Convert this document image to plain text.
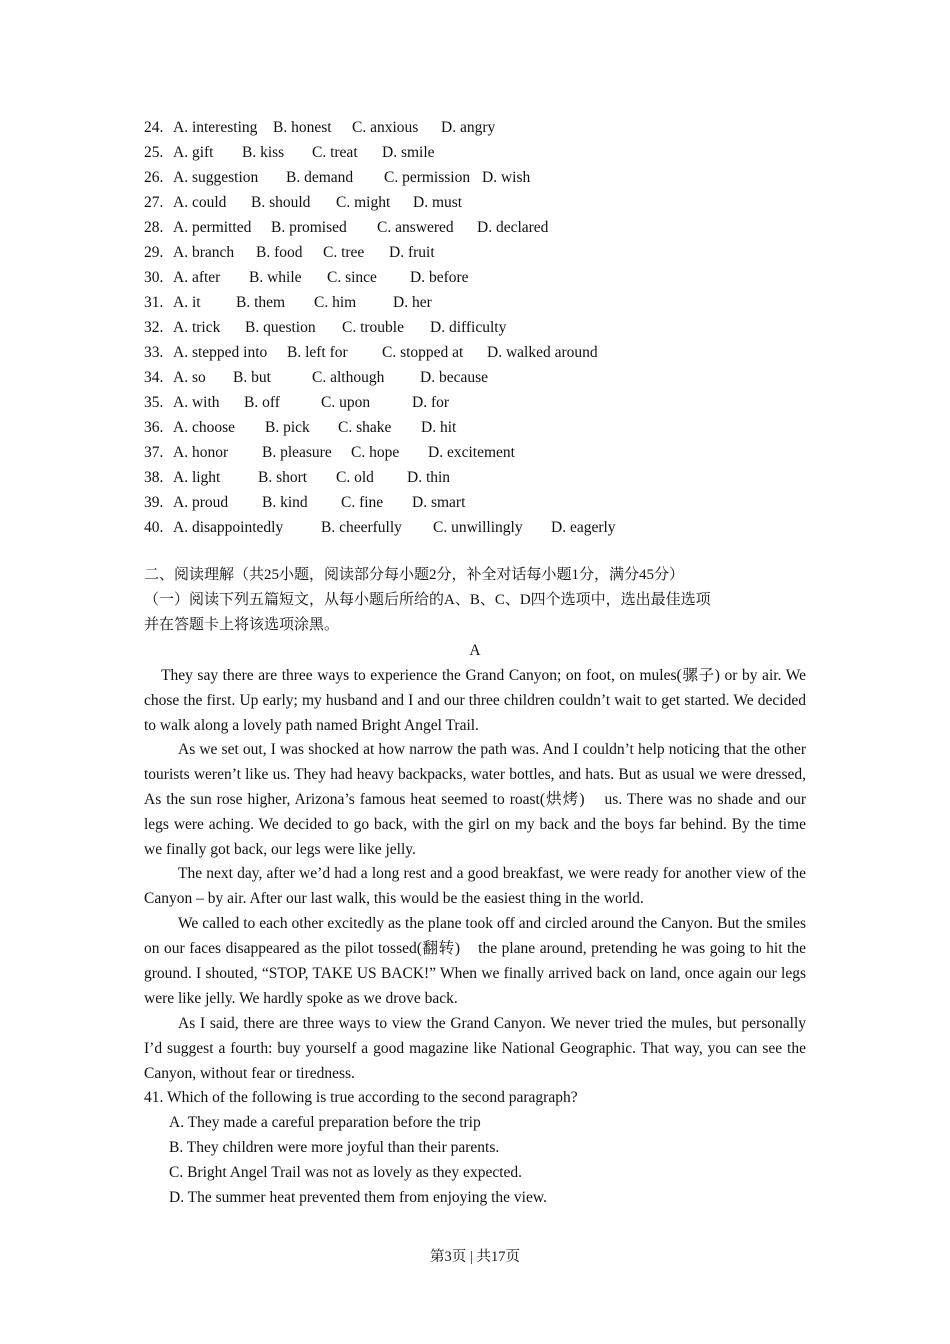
24. A. interesting B. honest C. anxious D. angry
25. A. gift B. kiss C. treat D. smile
26. A. suggestion B. demand C. permission D. wish
27. A. could B. should C. might D. must
28. A. permitted B. promised C. answered D. declared
29. A. branch B. food C. tree D. fruit
30. A. after B. while C. since D. before
31. A. it B. them C. him D. her
32. A. trick B. question C. trouble D. difficulty
33. A. stepped into B. left for C. stopped at D. walked around
34. A. so B. but	C. although D. because
35. A. with B. off	C. upon	D. for
36. A. choose B. pick C. shake D. hit
37. A. honor B. pleasure C. hope D. excitement
38. A. light B. short C. old D. thin
39. A. proud B. kind C. fine D. smart
40. A. disappointedly B. cheerfully C. unwillingly D. eagerly
二、阅读理解（共25小题，阅读部分每小题2分，补全对话每小题1分，满分45分）
（一）阅读下列五篇短文，从每小题后所给的A、B、C、D四个选项中，选出最佳选项
并在答题卡上将该选项涂黑。
A
They say there are three ways to experience the Grand Canyon; on foot, on mules(骡子) or by air. We chose the first. Up early; my husband and I and our three children couldn’t wait to get started. We decided to walk along a lovely path named Bright Angel Trail.
As we set out, I was shocked at how narrow the path was. And I couldn’t help noticing that the other tourists weren’t like us. They had heavy backpacks, water bottles, and hats. But as usual we were dressed, As the sun rose higher, Arizona’s famous heat seemed to roast(烘烤)    us. There was no shade and our legs were aching. We decided to go back, with the girl on my back and the boys far behind. By the time we finally got back, our legs were like jelly.
The next day, after we’d had a long rest and a good breakfast, we were ready for another view of the Canyon – by air. After our last walk, this would be the easiest thing in the world.
We called to each other excitedly as the plane took off and circled around the Canyon. But the smiles on our faces disappeared as the pilot tossed(翻转)    the plane around, pretending he was going to hit the ground. I shouted, “STOP, TAKE US BACK!” When we finally arrived back on land, once again our legs were like jelly. We hardly spoke as we drove back.
As I said, there are three ways to view the Grand Canyon. We never tried the mules, but personally I’d suggest a fourth: buy yourself a good magazine like National Geographic. That way, you can see the Canyon, without fear or tiredness.
41. Which of the following is true according to the second paragraph?
A. They made a careful preparation before the trip
B. They children were more joyful than their parents.
C. Bright Angel Trail was not as lovely as they expected.
D. The summer heat prevented them from enjoying the view.
第3页 | 共17页
